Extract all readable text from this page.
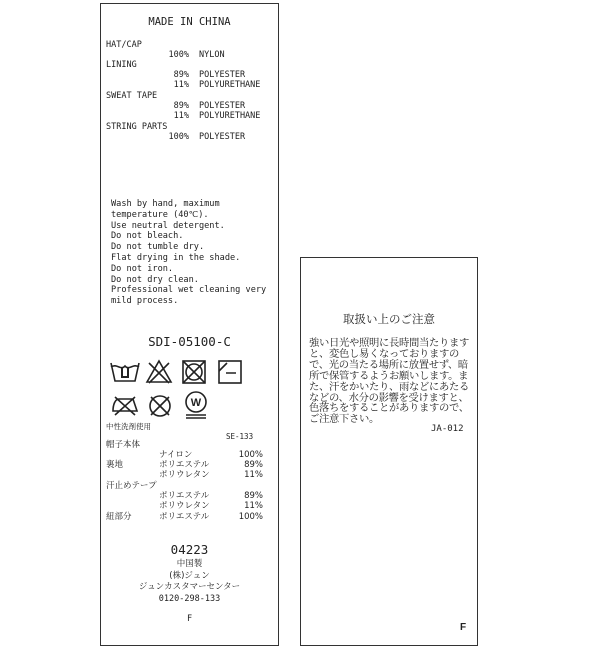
MADE IN CHINA
HAT/CAP
100% NYLON
LINING
89% POLYESTER
11% POLYURETHANE
SWEAT TAPE
89% POLYESTER
11% POLYURETHANE
STRING PARTS
100% POLYESTER
Wash by hand, maximum
temperature (40℃).
Use neutral detergent.
Do not bleach.
Do not tumble dry.
Flat drying in the shade.
Do not iron.
Do not dry clean.
Professional wet cleaning very
mild process.
SDI-05100-C
W
中性洗剤使用
SE-133
帽子本体
ナイロン	100%
裏地	ポリエステル	89%
ポリウレタン	11%
汗止めテープ
ポリエステル	89%
ポリウレタン	11%
紐部分	ポリエステル	100%
04223
中国製
(株)ジュン
ジュンカスタマーセンター
0120-298-133
F
取扱い上のご注意
強い日光や照明に長時間当たりますと、変色し易くなっておりますので、光の当たる場所に放置せず、暗所で保管するようお願いします。また、汗をかいたり、雨などにあたるなどの、水分の影響を受けますと、色落ちをすることがありますので、ご注意下さい。
JA-012
F
